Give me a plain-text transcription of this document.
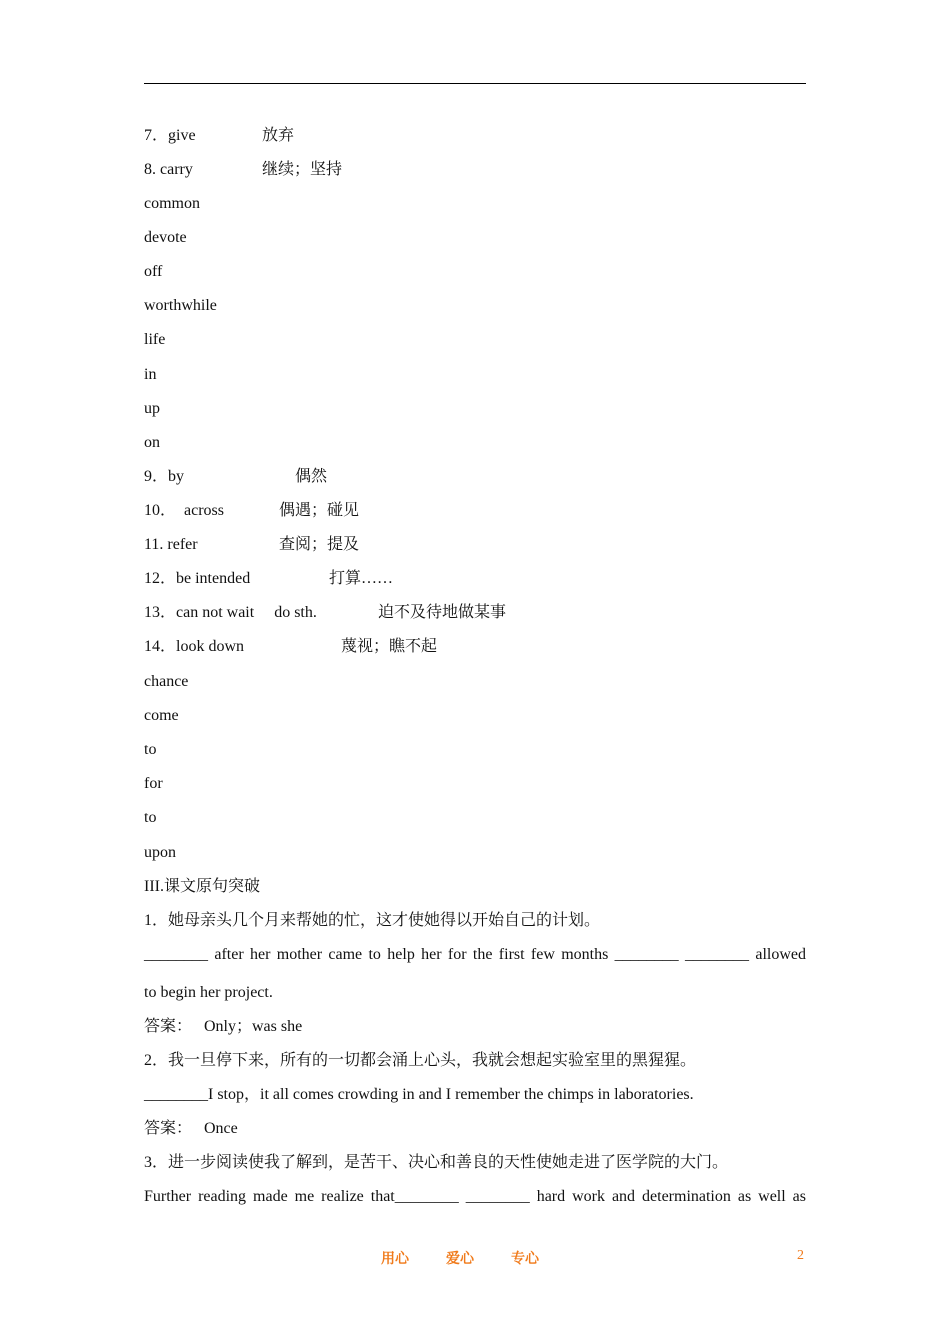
7．give	放弃
8. carry	继续；坚持
common
devote
off
worthwhile
life
in
up
on
9．by	偶然
10．  across	偶遇；碰见
11. refer	查阅；提及
12．be intended	打算……
13．can not wait     do sth.	迫不及待地做某事
14．look down	蔑视；瞧不起
chance
come
to
for
to
upon
III.课文原句突破
1．她母亲头几个月来帮她的忙，这才使她得以开始自己的计划。
________ after her mother came to help her for the first few months ________ ________ allowed
to begin her project.
答案：   Only；was she
2．我一旦停下来，所有的一切都会涌上心头，我就会想起实验室里的黑猩猩。
________I stop，it all comes crowding in and I remember the chimps in laboratories.
答案：   Once
3．进一步阅读使我了解到，是苦干、决心和善良的天性使她走进了医学院的大门。
Further reading made me realize that________ ________ hard work and determination as well as
用心	爱心	专心	2
